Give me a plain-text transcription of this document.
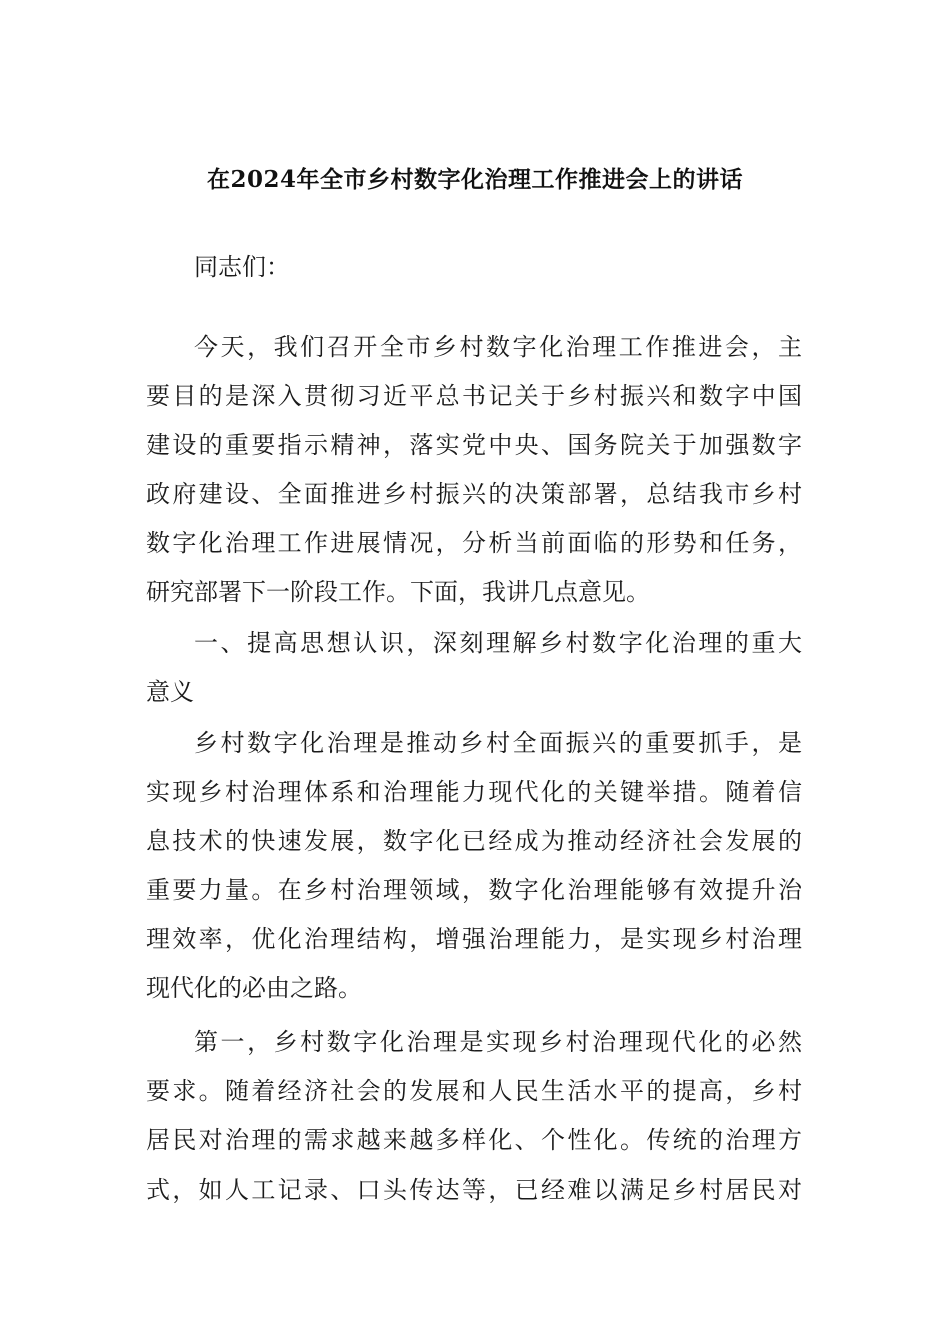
在2024年全市乡村数字化治理工作推进会上的讲话
同志们：
今天，我们召开全市乡村数字化治理工作推进会，主
要目的是深入贯彻习近平总书记关于乡村振兴和数字中国
建设的重要指示精神，落实党中央、国务院关于加强数字
政府建设、全面推进乡村振兴的决策部署，总结我市乡村
数字化治理工作进展情况，分析当前面临的形势和任务，
研究部署下一阶段工作。下面，我讲几点意见。
一、提高思想认识，深刻理解乡村数字化治理的重大
意义
乡村数字化治理是推动乡村全面振兴的重要抓手，是
实现乡村治理体系和治理能力现代化的关键举措。随着信
息技术的快速发展，数字化已经成为推动经济社会发展的
重要力量。在乡村治理领域，数字化治理能够有效提升治
理效率，优化治理结构，增强治理能力，是实现乡村治理
现代化的必由之路。
第一，乡村数字化治理是实现乡村治理现代化的必然
要求。随着经济社会的发展和人民生活水平的提高，乡村
居民对治理的需求越来越多样化、个性化。传统的治理方
式，如人工记录、口头传达等，已经难以满足乡村居民对
